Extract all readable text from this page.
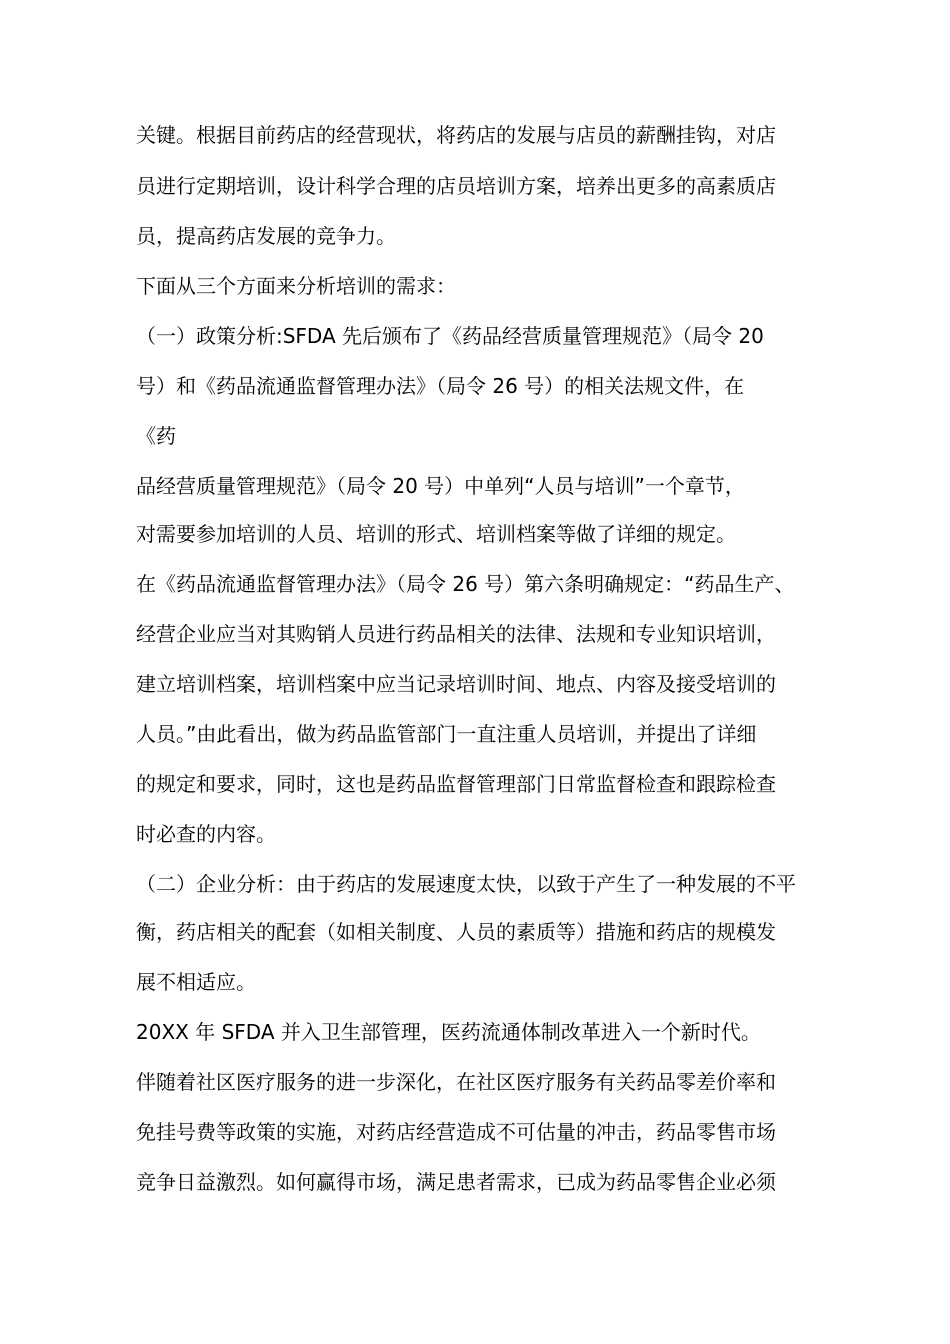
关键。根据目前药店的经营现状，将药店的发展与店员的薪酬挂钩，对店
员进行定期培训，设计科学合理的店员培训方案，培养出更多的高素质店
员，提高药店发展的竞争力。
下面从三个方面来分析培训的需求：
（一）政策分析:SFDA 先后颁布了《药品经营质量管理规范》（局令 20
号）和《药品流通监督管理办法》（局令 26 号）的相关法规文件，在
《药
品经营质量管理规范》（局令 20 号）中单列“人员与培训”一个章节，
对需要参加培训的人员、培训的形式、培训档案等做了详细的规定。
在《药品流通监督管理办法》（局令 26 号）第六条明确规定：“药品生产、
经营企业应当对其购销人员进行药品相关的法律、法规和专业知识培训，
建立培训档案，培训档案中应当记录培训时间、地点、内容及接受培训的
人员。”由此看出，做为药品监管部门一直注重人员培训，并提出了详细
的规定和要求，同时，这也是药品监督管理部门日常监督检查和跟踪检查
时必查的内容。
（二）企业分析：由于药店的发展速度太快，以致于产生了一种发展的不平
衡，药店相关的配套（如相关制度、人员的素质等）措施和药店的规模发
展不相适应。
20XX 年 SFDA 并入卫生部管理，医药流通体制改革进入一个新时代。
伴随着社区医疗服务的进一步深化，在社区医疗服务有关药品零差价率和
免挂号费等政策的实施，对药店经营造成不可估量的冲击，药品零售市场
竞争日益激烈。如何赢得市场，满足患者需求，已成为药品零售企业必须
